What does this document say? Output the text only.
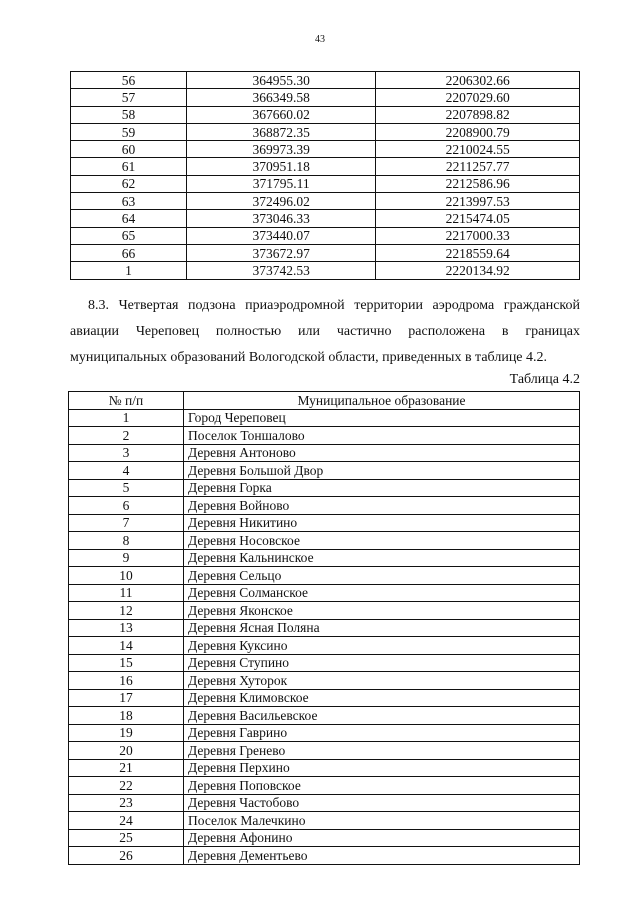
43
56	364955.30	2206302.66
57	366349.58	2207029.60
58	367660.02	2207898.82
59	368872.35	2208900.79
60	369973.39	2210024.55
61	370951.18	2211257.77
62	371795.11	2212586.96
63	372496.02	2213997.53
64	373046.33	2215474.05
65	373440.07	2217000.33
66	373672.97	2218559.64
1	373742.53	2220134.92
8.3. Четвертая подзона приаэродромной территории аэродрома гражданской
авиации Череповец полностью или частично расположена в границах
муниципальных образований Вологодской области, приведенных в таблице 4.2.
Таблица 4.2
№ п/п	Муниципальное образование
1	Город Череповец
2	Поселок Тоншалово
3	Деревня Антоново
4	Деревня Большой Двор
5	Деревня Горка
6	Деревня Войново
7	Деревня Никитино
8	Деревня Носовское
9	Деревня Кальнинское
10	Деревня Сельцо
11	Деревня Солманское
12	Деревня Яконское
13	Деревня Ясная Поляна
14	Деревня Куксино
15	Деревня Ступино
16	Деревня Хуторок
17	Деревня Климовское
18	Деревня Васильевское
19	Деревня Гаврино
20	Деревня Гренево
21	Деревня Перхино
22	Деревня Поповское
23	Деревня Частобово
24	Поселок Малечкино
25	Деревня Афонино
26	Деревня Дементьево
